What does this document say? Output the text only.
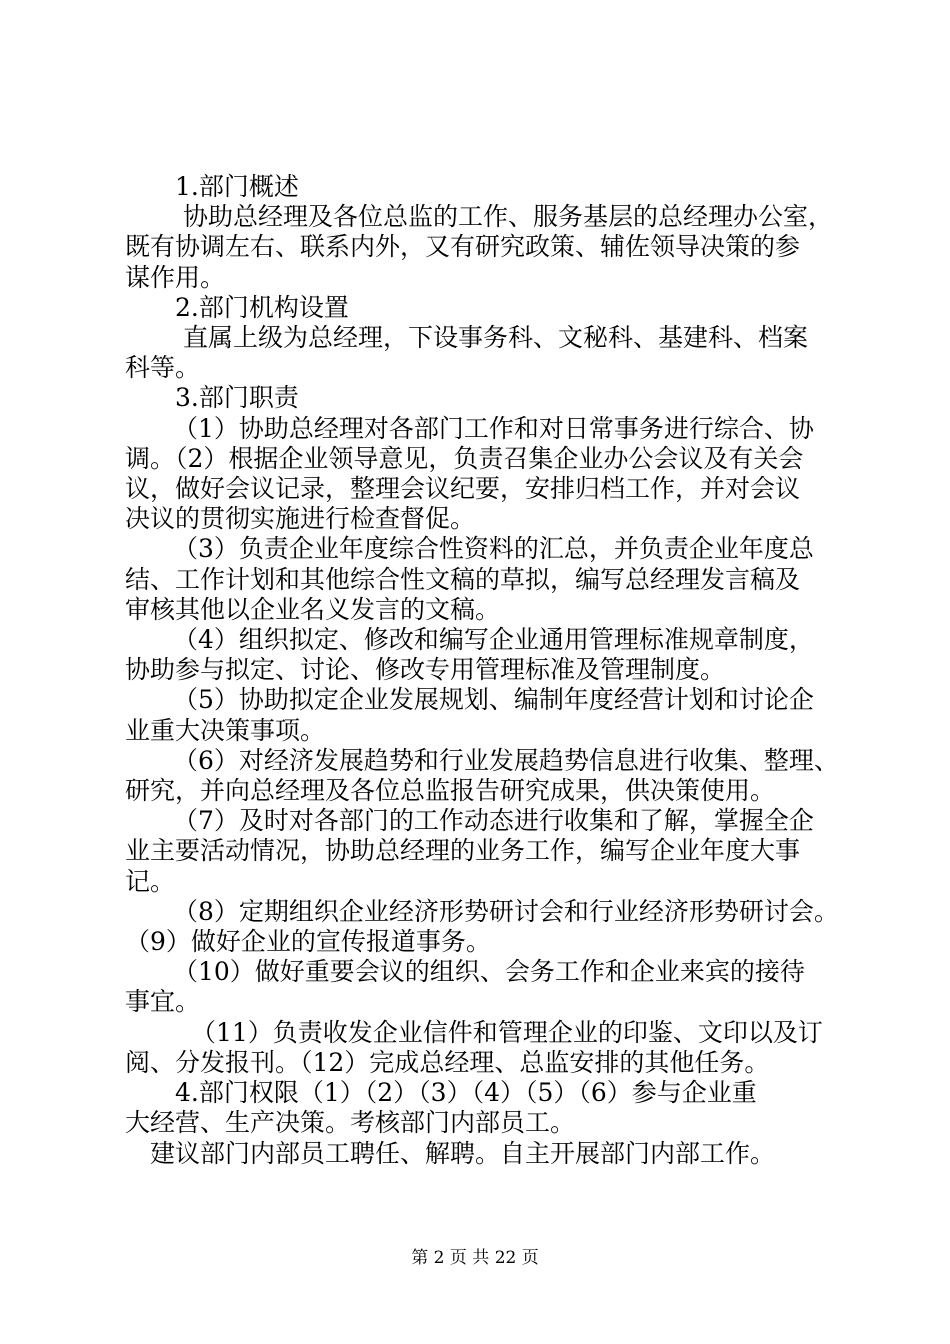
1.部门概述

协助总经理及各位总监的工作、服务基层的总经理办公室，

既有协调左右、联系内外，又有研究政策、辅佐领导决策的参

谋作用。

2.部门机构设置

直属上级为总经理，下设事务科、文秘科、基建科、档案

科等。

3.部门职责

（1）协助总经理对各部门工作和对日常事务进行综合、协

调。（2）根据企业领导意见，负责召集企业办公会议及有关会

议，做好会议记录，整理会议纪要，安排归档工作，并对会议

决议的贯彻实施进行检查督促。

（3）负责企业年度综合性资料的汇总，并负责企业年度总

结、工作计划和其他综合性文稿的草拟，编写总经理发言稿及

审核其他以企业名义发言的文稿。

（4）组织拟定、修改和编写企业通用管理标准规章制度，

协助参与拟定、讨论、修改专用管理标准及管理制度。

（5）协助拟定企业发展规划、编制年度经营计划和讨论企

业重大决策事项。

（6）对经济发展趋势和行业发展趋势信息进行收集、整理、

研究，并向总经理及各位总监报告研究成果，供决策使用。

（7）及时对各部门的工作动态进行收集和了解，掌握全企

业主要活动情况，协助总经理的业务工作，编写企业年度大事

记。

（8）定期组织企业经济形势研讨会和行业经济形势研讨会。

（9）做好企业的宣传报道事务。

（10）做好重要会议的组织、会务工作和企业来宾的接待

事宜。

（11）负责收发企业信件和管理企业的印鉴、文印以及订

阅、分发报刊。（12）完成总经理、总监安排的其他任务。

4.部门权限（1）（2）（3）（4）（5）（6）参与企业重

大经营、生产决策。考核部门内部员工。

建议部门内部员工聘任、解聘。自主开展部门内部工作。

第 2 页 共 22 页
